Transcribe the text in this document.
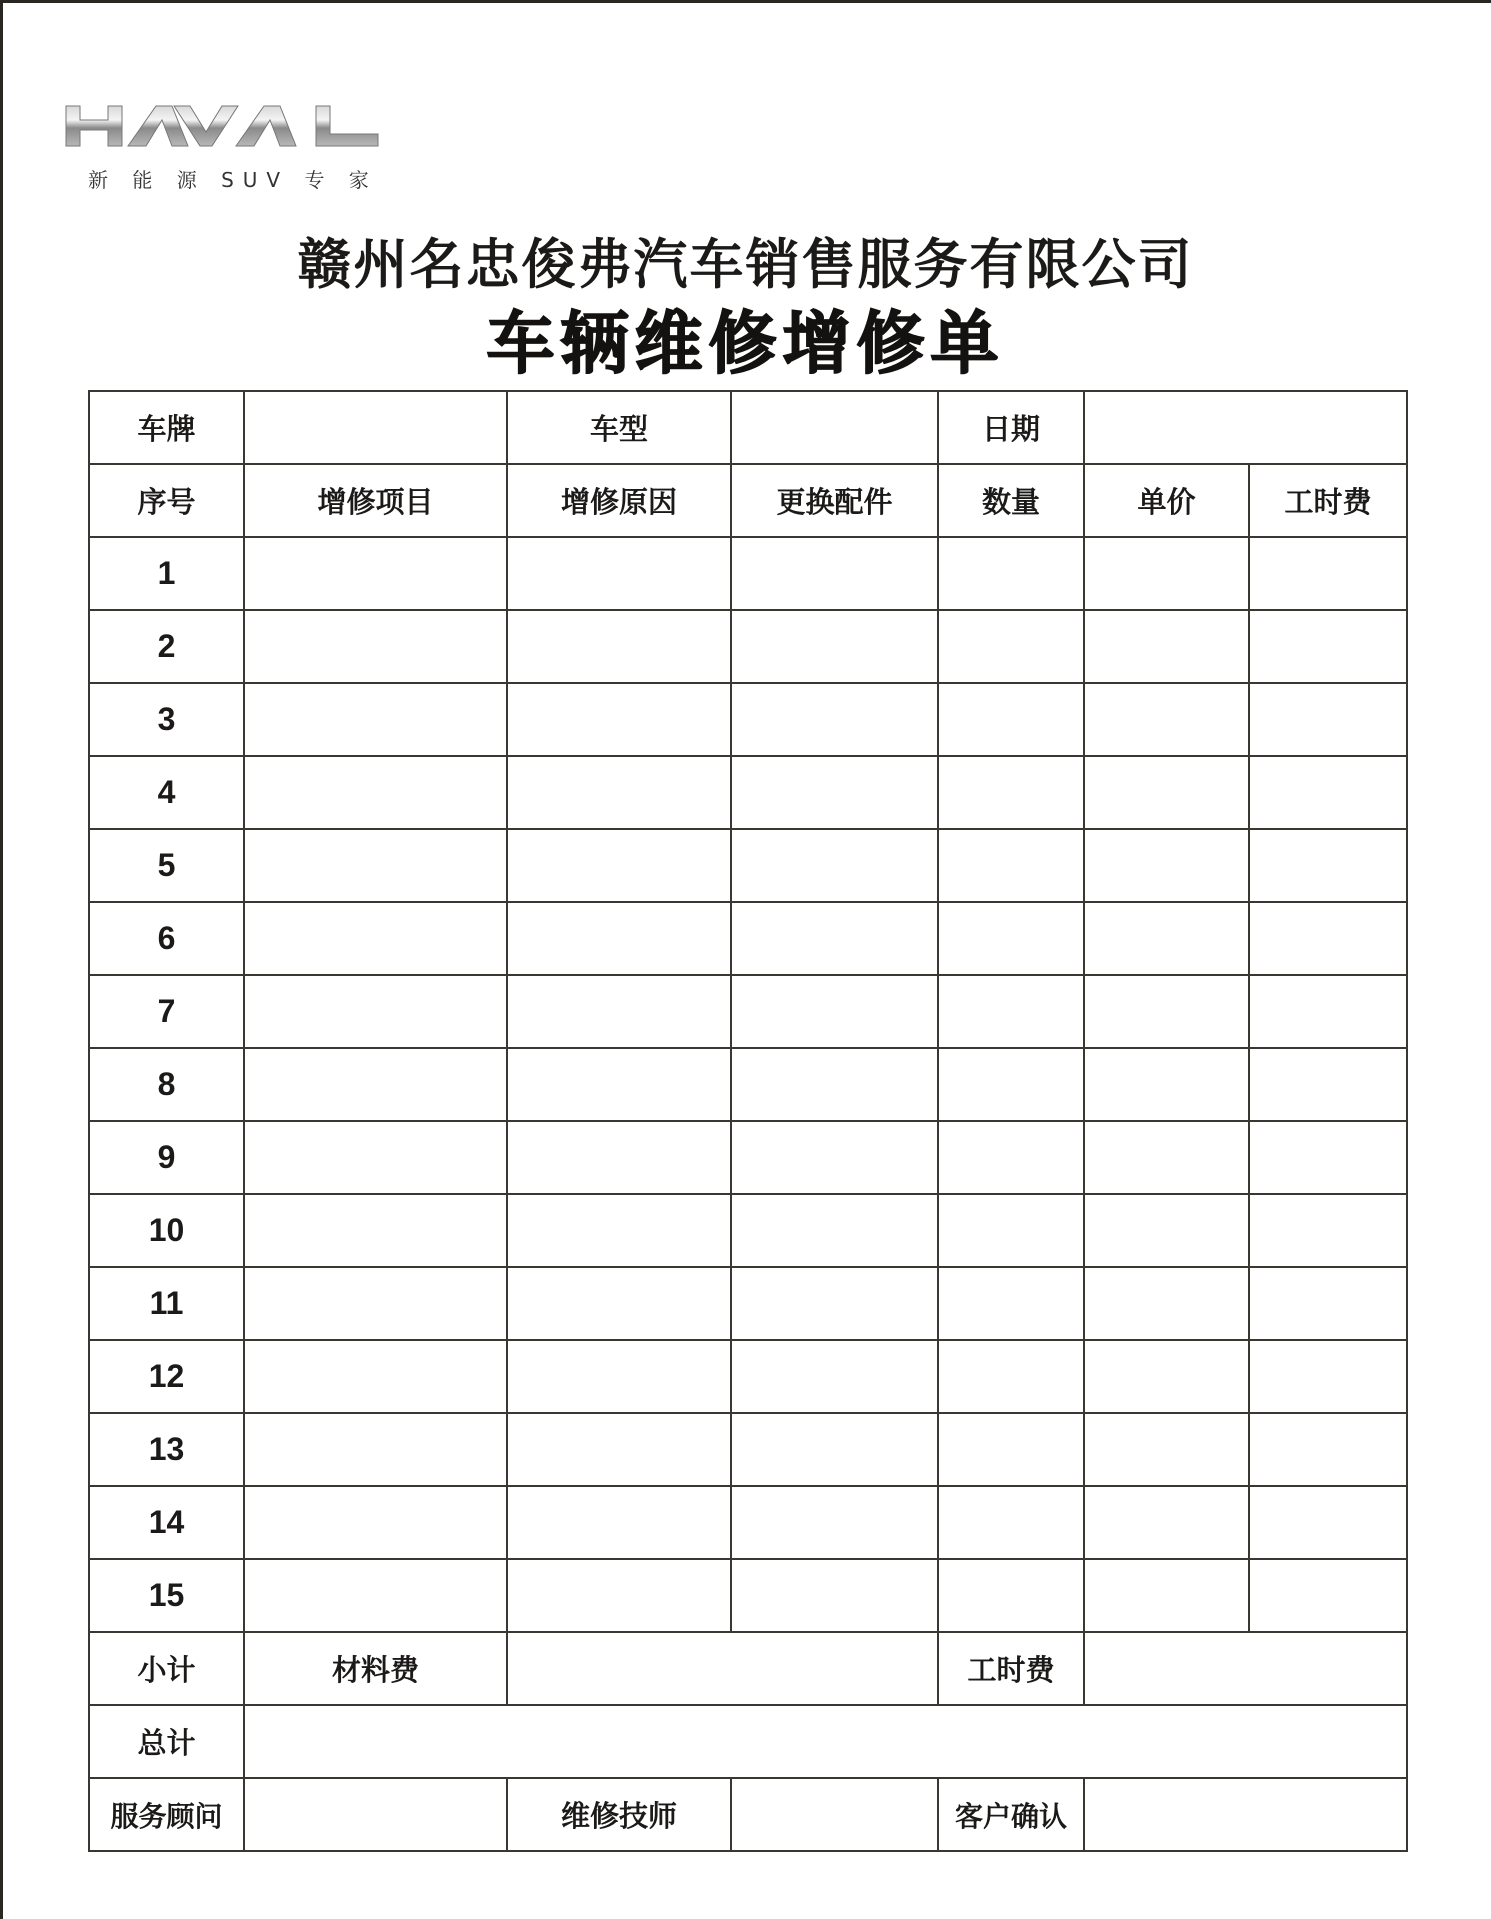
新 能 源 SUV 专 家
赣州名忠俊弗汽车销售服务有限公司
车辆维修增修单
车牌		车型		日期		
序号	增修项目	增修原因	更换配件	数量	单价	工时费
1						
2						
3						
4						
5						
6						
7						
8						
9						
10						
11						
12						
13						
14						
15						
小计	材料费			工时费		
总计						
服务顾问		维修技师		客户确认		
